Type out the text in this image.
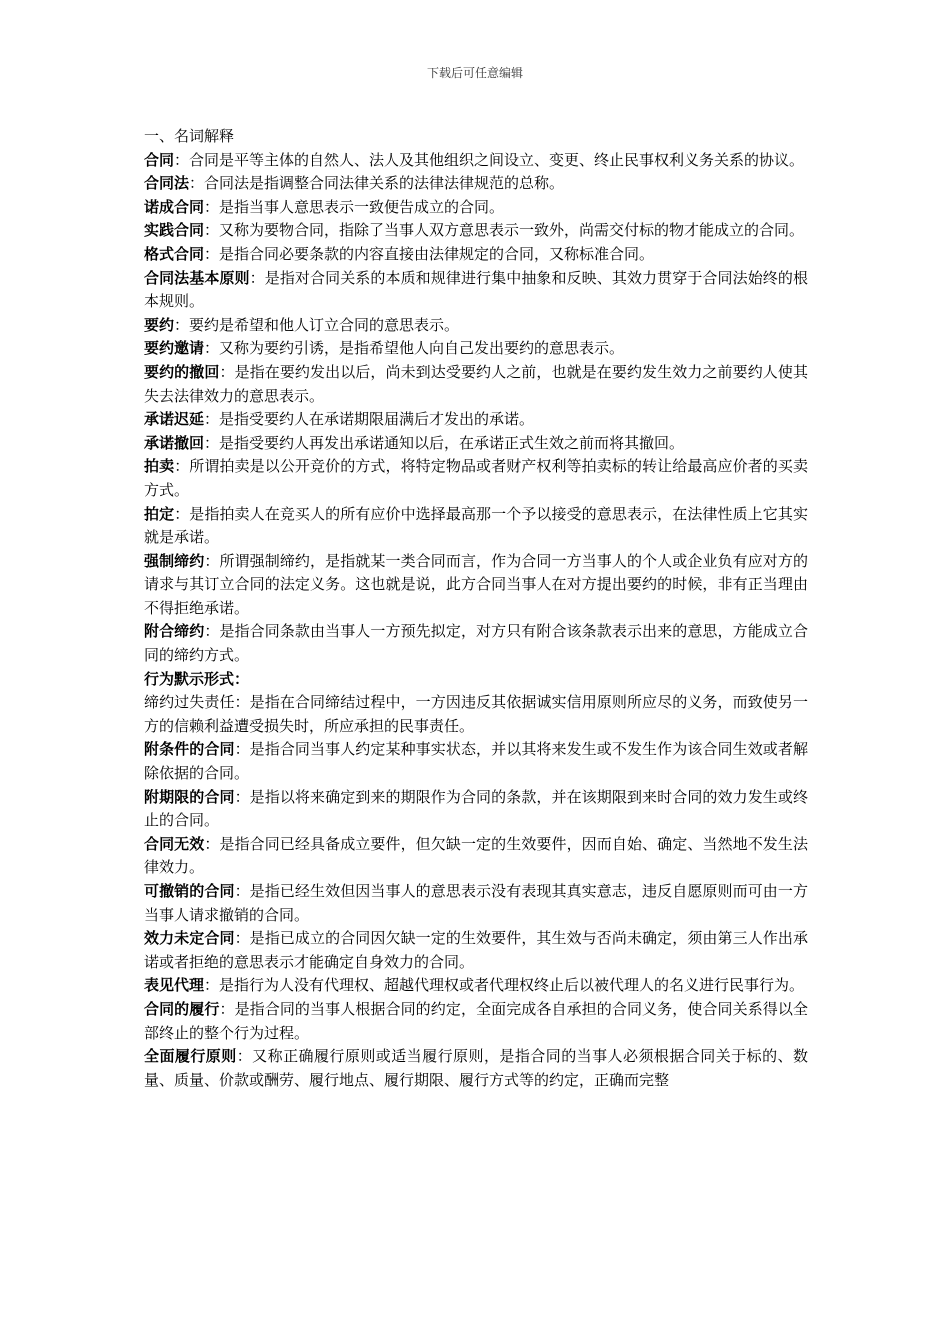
下载后可任意编辑

一、名词解释

合同：合同是平等主体的自然人、法人及其他组织之间设立、变更、终止民事权利义务关系的协议。

合同法：合同法是指调整合同法律关系的法律法律规范的总称。

诺成合同：是指当事人意思表示一致便告成立的合同。

实践合同：又称为要物合同，指除了当事人双方意思表示一致外，尚需交付标的物才能成立的合同。

格式合同：是指合同必要条款的内容直接由法律规定的合同，又称标准合同。

合同法基本原则：是指对合同关系的本质和规律进行集中抽象和反映、其效力贯穿于合同法始终的根本规则。

要约：要约是希望和他人订立合同的意思表示。

要约邀请：又称为要约引诱，是指希望他人向自己发出要约的意思表示。

要约的撤回：是指在要约发出以后，尚未到达受要约人之前，也就是在要约发生效力之前要约人使其失去法律效力的意思表示。

承诺迟延：是指受要约人在承诺期限届满后才发出的承诺。

承诺撤回：是指受要约人再发出承诺通知以后，在承诺正式生效之前而将其撤回。

拍卖：所谓拍卖是以公开竞价的方式，将特定物品或者财产权利等拍卖标的转让给最高应价者的买卖方式。

拍定：是指拍卖人在竞买人的所有应价中选择最高那一个予以接受的意思表示，在法律性质上它其实就是承诺。

强制缔约：所谓强制缔约，是指就某一类合同而言，作为合同一方当事人的个人或企业负有应对方的请求与其订立合同的法定义务。这也就是说，此方合同当事人在对方提出要约的时候，非有正当理由不得拒绝承诺。

附合缔约：是指合同条款由当事人一方预先拟定，对方只有附合该条款表示出来的意思，方能成立合同的缔约方式。

行为默示形式：

缔约过失责任：是指在合同缔结过程中，一方因违反其依据诚实信用原则所应尽的义务，而致使另一方的信赖利益遭受损失时，所应承担的民事责任。

附条件的合同：是指合同当事人约定某种事实状态，并以其将来发生或不发生作为该合同生效或者解除依据的合同。

附期限的合同：是指以将来确定到来的期限作为合同的条款，并在该期限到来时合同的效力发生或终止的合同。

合同无效：是指合同已经具备成立要件，但欠缺一定的生效要件，因而自始、确定、当然地不发生法律效力。

可撤销的合同：是指已经生效但因当事人的意思表示没有表现其真实意志，违反自愿原则而可由一方当事人请求撤销的合同。

效力未定合同：是指已成立的合同因欠缺一定的生效要件，其生效与否尚未确定，须由第三人作出承诺或者拒绝的意思表示才能确定自身效力的合同。

表见代理：是指行为人没有代理权、超越代理权或者代理权终止后以被代理人的名义进行民事行为。

合同的履行：是指合同的当事人根据合同的约定，全面完成各自承担的合同义务，使合同关系得以全部终止的整个行为过程。

全面履行原则：又称正确履行原则或适当履行原则，是指合同的当事人必须根据合同关于标的、数量、质量、价款或酬劳、履行地点、履行期限、履行方式等的约定，正确而完整
